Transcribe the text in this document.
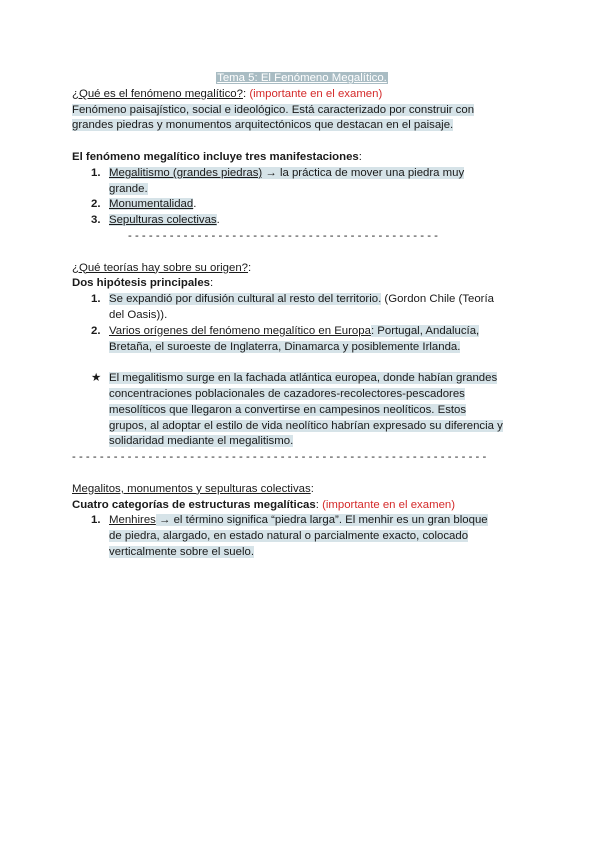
Tema 5: El Fenómeno Megalítico.

¿Qué es el fenómeno megalítico?: (importante en el examen)

Fenómeno paisajístico, social e ideológico. Está caracterizado por construir con
grandes piedras y monumentos arquitectónicos que destacan en el paisaje.

El fenómeno megalítico incluye tres manifestaciones:

1. Megalitismo (grandes piedras) → la práctica de mover una piedra muy
grande.
2. Monumentalidad.
3. Sepulturas colectivas.

- - - - - - - - - - - - - - - - - - - - - - - - - - - - - - - - - - - - - - - - - - - - -

¿Qué teorías hay sobre su origen?:

Dos hipótesis principales:

1. Se expandió por difusión cultural al resto del territorio. (Gordon Chile (Teoría
del Oasis)).
2. Varios orígenes del fenómeno megalítico en Europa: Portugal, Andalucía,
Bretaña, el suroeste de Inglaterra, Dinamarca y posiblemente Irlanda.
★ El megalitismo surge en la fachada atlántica europea, donde habían grandes
concentraciones poblacionales de cazadores-recolectores-pescadores
mesolíticos que llegaron a convertirse en campesinos neolíticos. Estos
grupos, al adoptar el estilo de vida neolítico habrían expresado su diferencia y
solidaridad mediante el megalitismo.

- - - - - - - - - - - - - - - - - - - - - - - - - - - - - - - - - - - - - - - - - - - - - - - - - - - - - - - - - - - -

Megalitos, monumentos y sepulturas colectivas:

Cuatro categorías de estructuras megalíticas: (importante en el examen)

1. Menhires → el término significa “piedra larga”. El menhir es un gran bloque
de piedra, alargado, en estado natural o parcialmente exacto, colocado
verticalmente sobre el suelo.
